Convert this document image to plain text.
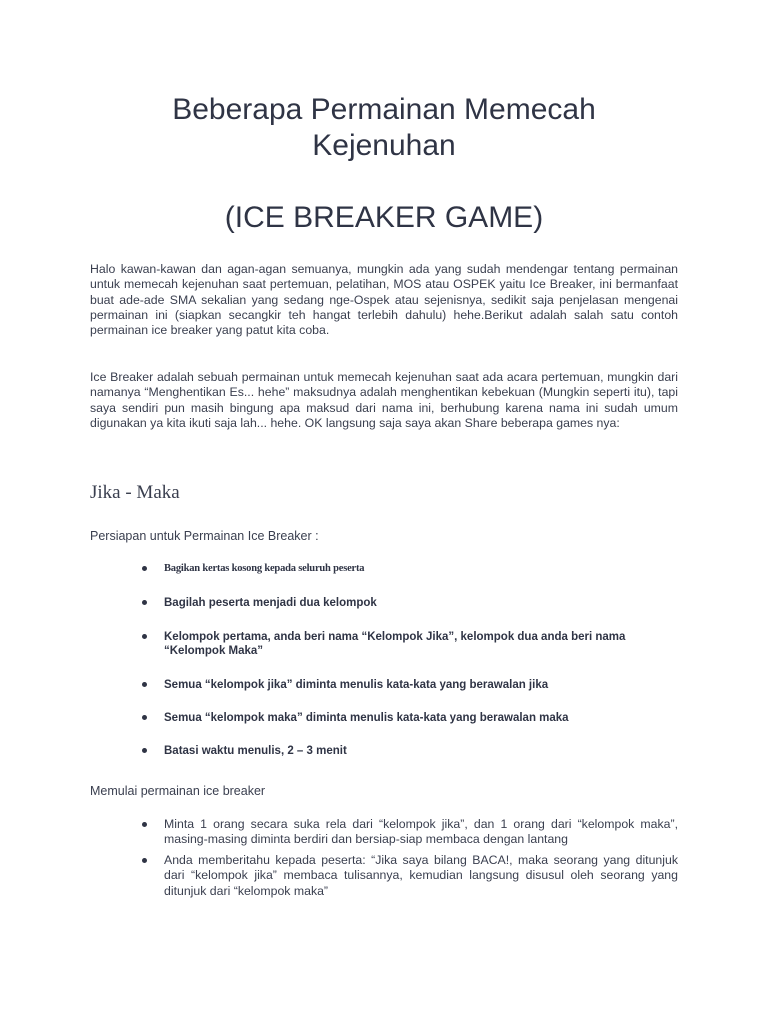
Beberapa Permainan Memecah
Kejenuhan
(ICE BREAKER GAME)

Halo kawan-kawan dan agan-agan semuanya, mungkin ada yang sudah mendengar tentang permainan untuk memecah kejenuhan saat pertemuan, pelatihan, MOS atau OSPEK yaitu Ice Breaker, ini bermanfaat buat ade-ade SMA sekalian yang sedang nge-Ospek atau sejenisnya, sedikit saja penjelasan mengenai permainan ini (siapkan secangkir teh hangat terlebih dahulu) hehe.Berikut adalah salah satu contoh permainan ice breaker yang patut kita coba.

Ice Breaker adalah sebuah permainan untuk memecah kejenuhan saat ada acara pertemuan, mungkin dari namanya “Menghentikan Es... hehe” maksudnya adalah menghentikan kebekuan (Mungkin seperti itu), tapi saya sendiri pun masih bingung apa maksud dari nama ini, berhubung karena nama ini sudah umum digunakan ya kita ikuti saja lah... hehe. OK langsung saja saya akan Share beberapa games nya:

Jika - Maka
Persiapan untuk Permainan Ice Breaker :

Bagikan kertas kosong kepada seluruh peserta

Bagilah peserta menjadi dua kelompok

Kelompok pertama, anda beri nama “Kelompok Jika”, kelompok dua anda beri nama “Kelompok Maka”

Semua “kelompok jika” diminta menulis kata-kata yang berawalan jika

Semua “kelompok maka” diminta menulis kata-kata yang berawalan maka

Batasi waktu menulis, 2 – 3 menit

Memulai permainan ice breaker

Minta 1 orang secara suka rela dari “kelompok jika”, dan 1 orang dari “kelompok maka”, masing-masing diminta berdiri dan bersiap-siap membaca dengan lantang

Anda memberitahu kepada peserta: “Jika saya bilang BACA!, maka seorang yang ditunjuk dari “kelompok jika” membaca tulisannya, kemudian langsung disusul oleh seorang yang ditunjuk dari “kelompok maka”
